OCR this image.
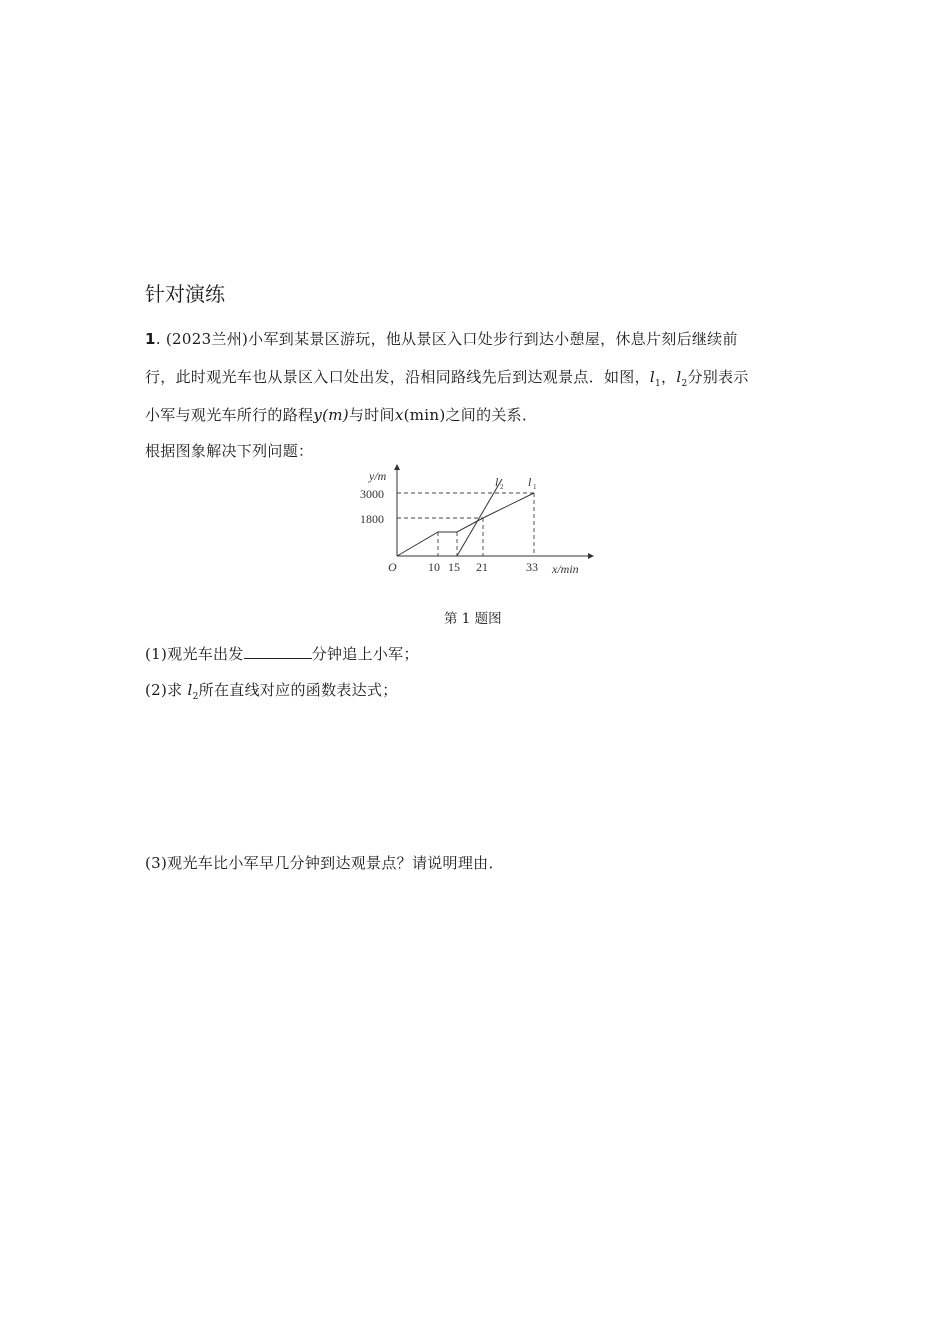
针对演练
1. (2023兰州)小军到某景区游玩，他从景区入口处步行到达小憩屋，休息片刻后继续前
行，此时观光车也从景区入口处出发，沿相同路线先后到达观景点．如图，$l_1$，$l_2$分别表示
小军与观光车所行的路程y(m)与时间x(min)之间的关系．
根据图象解决下列问题：
y/m
3000
1800
O	10 15 21	33 x/min
l 2 l 1
第 1 题图
(1)观光车出发	分钟追上小军；
(2)求 $l_2$所在直线对应的函数表达式；
(3)观光车比小军早几分钟到达观景点？请说明理由．
